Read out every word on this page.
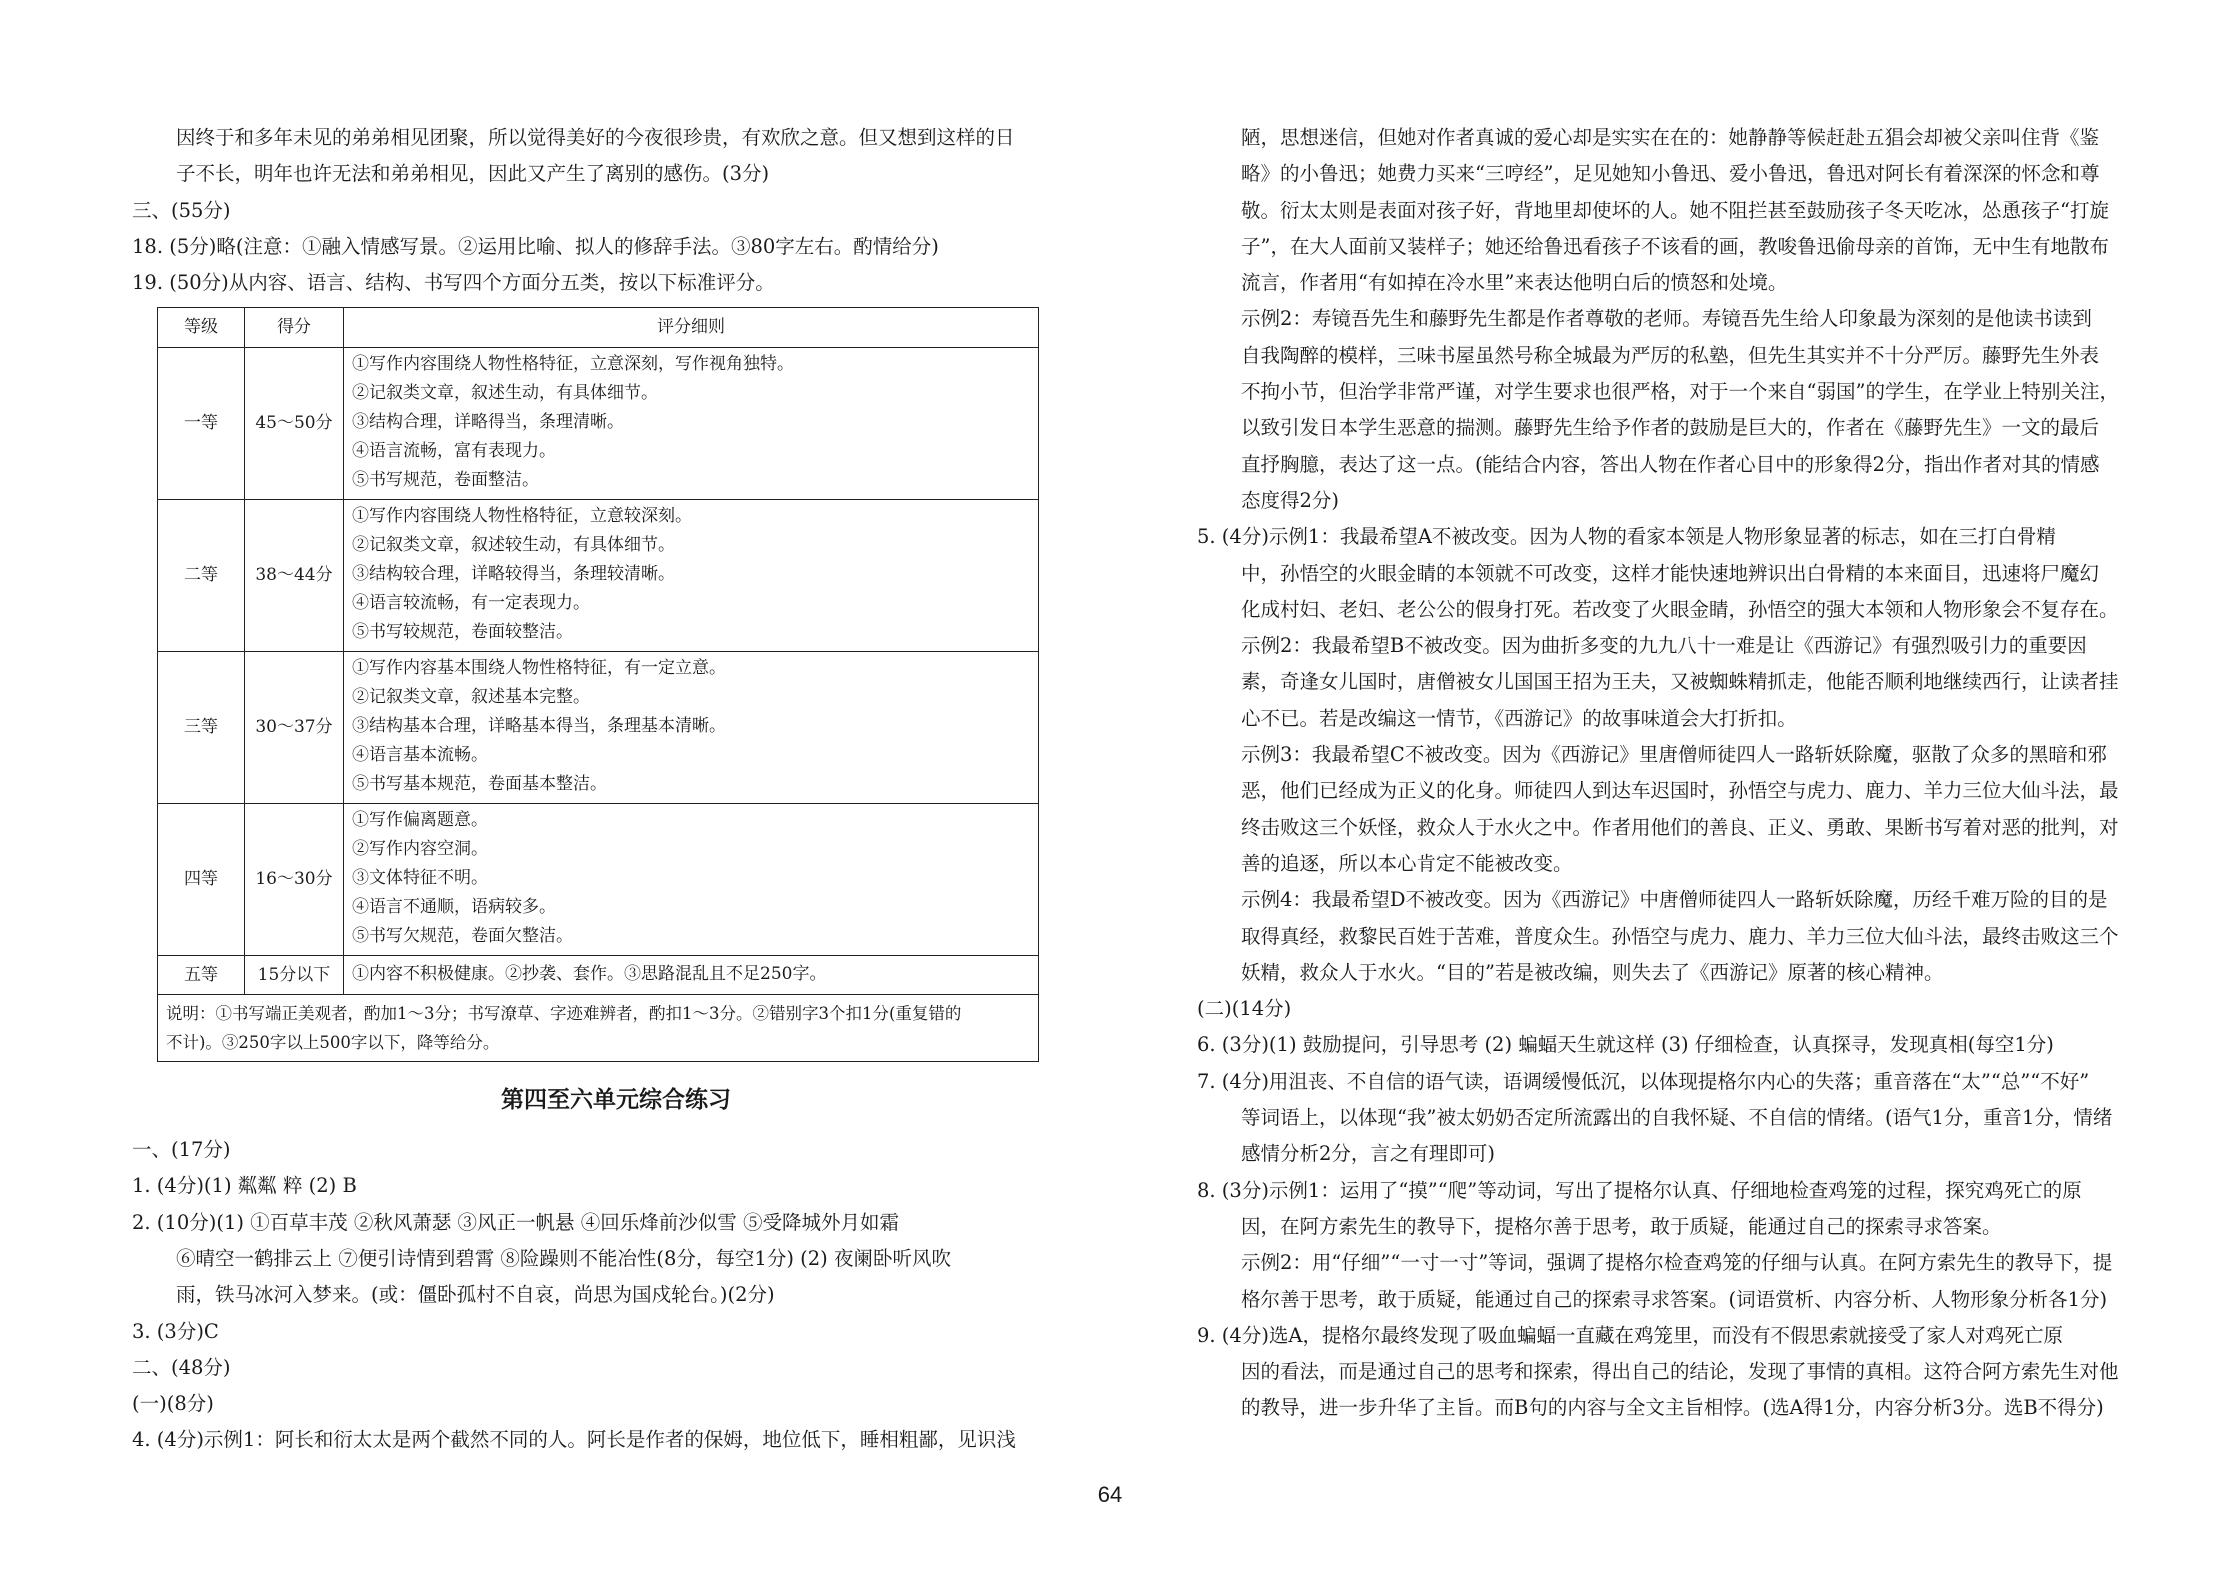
因终于和多年未见的弟弟相见团聚，所以觉得美好的今夜很珍贵，有欢欣之意。但又想到这样的日
子不长，明年也许无法和弟弟相见，因此又产生了离别的感伤。(3分)
三、(55分)
18. (5分)略(注意：①融入情感写景。②运用比喻、拟人的修辞手法。③80字左右。酌情给分)
19. (50分)从内容、语言、结构、书写四个方面分五类，按以下标准评分。
等级	得分	评分细则
一等	45～50分	①写作内容围绕人物性格特征，立意深刻，写作视角独特。
②记叙类文章，叙述生动，有具体细节。
③结构合理，详略得当，条理清晰。
④语言流畅，富有表现力。
⑤书写规范，卷面整洁。

二等	38～44分	①写作内容围绕人物性格特征，立意较深刻。
②记叙类文章，叙述较生动，有具体细节。
③结构较合理，详略较得当，条理较清晰。
④语言较流畅，有一定表现力。
⑤书写较规范，卷面较整洁。

三等	30～37分	①写作内容基本围绕人物性格特征，有一定立意。
②记叙类文章，叙述基本完整。
③结构基本合理，详略基本得当，条理基本清晰。
④语言基本流畅。
⑤书写基本规范，卷面基本整洁。

四等	16～30分	①写作偏离题意。
②写作内容空洞。
③文体特征不明。
④语言不通顺，语病较多。
⑤书写欠规范，卷面欠整洁。

五等	15分以下	①内容不积极健康。②抄袭、套作。③思路混乱且不足250字。

说明：①书写端正美观者，酌加1～3分；书写潦草、字迹难辨者，酌扣1～3分。②错别字3个扣1分(重复错的
不计)。③250字以上500字以下，降等给分。		
第四至六单元综合练习
一、(17分)
1. (4分)(1) 粼粼 粹 (2) B
2. (10分)(1) ①百草丰茂 ②秋风萧瑟 ③风正一帆悬 ④回乐烽前沙似雪 ⑤受降城外月如霜
⑥晴空一鹤排云上 ⑦便引诗情到碧霄 ⑧险躁则不能冶性(8分，每空1分) (2) 夜阑卧听风吹
雨，铁马冰河入梦来。(或：僵卧孤村不自哀，尚思为国戍轮台。)(2分)
3. (3分)C
二、(48分)
(一)(8分)
4. (4分)示例1：阿长和衍太太是两个截然不同的人。阿长是作者的保姆，地位低下，睡相粗鄙，见识浅
陋，思想迷信，但她对作者真诚的爱心却是实实在在的：她静静等候赶赴五猖会却被父亲叫住背《鉴
略》的小鲁迅；她费力买来“三哼经”，足见她知小鲁迅、爱小鲁迅，鲁迅对阿长有着深深的怀念和尊
敬。衍太太则是表面对孩子好，背地里却使坏的人。她不阻拦甚至鼓励孩子冬天吃冰，怂恿孩子“打旋
子”，在大人面前又装样子；她还给鲁迅看孩子不该看的画，教唆鲁迅偷母亲的首饰，无中生有地散布
流言，作者用“有如掉在冷水里”来表达他明白后的愤怒和处境。
示例2：寿镜吾先生和藤野先生都是作者尊敬的老师。寿镜吾先生给人印象最为深刻的是他读书读到
自我陶醉的模样，三味书屋虽然号称全城最为严厉的私塾，但先生其实并不十分严厉。藤野先生外表
不拘小节，但治学非常严谨，对学生要求也很严格，对于一个来自“弱国”的学生，在学业上特别关注，
以致引发日本学生恶意的揣测。藤野先生给予作者的鼓励是巨大的，作者在《藤野先生》一文的最后
直抒胸臆，表达了这一点。(能结合内容，答出人物在作者心目中的形象得2分，指出作者对其的情感
态度得2分)
5. (4分)示例1：我最希望A不被改变。因为人物的看家本领是人物形象显著的标志，如在三打白骨精
中，孙悟空的火眼金睛的本领就不可改变，这样才能快速地辨识出白骨精的本来面目，迅速将尸魔幻
化成村妇、老妇、老公公的假身打死。若改变了火眼金睛，孙悟空的强大本领和人物形象会不复存在。
示例2：我最希望B不被改变。因为曲折多变的九九八十一难是让《西游记》有强烈吸引力的重要因
素，奇逢女儿国时，唐僧被女儿国国王招为王夫，又被蜘蛛精抓走，他能否顺利地继续西行，让读者挂
心不已。若是改编这一情节，《西游记》的故事味道会大打折扣。
示例3：我最希望C不被改变。因为《西游记》里唐僧师徒四人一路斩妖除魔，驱散了众多的黑暗和邪
恶，他们已经成为正义的化身。师徒四人到达车迟国时，孙悟空与虎力、鹿力、羊力三位大仙斗法，最
终击败这三个妖怪，救众人于水火之中。作者用他们的善良、正义、勇敢、果断书写着对恶的批判，对
善的追逐，所以本心肯定不能被改变。
示例4：我最希望D不被改变。因为《西游记》中唐僧师徒四人一路斩妖除魔，历经千难万险的目的是
取得真经，救黎民百姓于苦难，普度众生。孙悟空与虎力、鹿力、羊力三位大仙斗法，最终击败这三个
妖精，救众人于水火。“目的”若是被改编，则失去了《西游记》原著的核心精神。
(二)(14分)
6. (3分)(1) 鼓励提问，引导思考 (2) 蝙蝠天生就这样 (3) 仔细检查，认真探寻，发现真相(每空1分)
7. (4分)用沮丧、不自信的语气读，语调缓慢低沉，以体现提格尔内心的失落；重音落在“太”“总”“不好”
等词语上，以体现“我”被太奶奶否定所流露出的自我怀疑、不自信的情绪。(语气1分，重音1分，情绪
感情分析2分，言之有理即可)
8. (3分)示例1：运用了“摸”“爬”等动词，写出了提格尔认真、仔细地检查鸡笼的过程，探究鸡死亡的原
因，在阿方索先生的教导下，提格尔善于思考，敢于质疑，能通过自己的探索寻求答案。
示例2：用“仔细”“一寸一寸”等词，强调了提格尔检查鸡笼的仔细与认真。在阿方索先生的教导下，提
格尔善于思考，敢于质疑，能通过自己的探索寻求答案。(词语赏析、内容分析、人物形象分析各1分)
9. (4分)选A，提格尔最终发现了吸血蝙蝠一直藏在鸡笼里，而没有不假思索就接受了家人对鸡死亡原
因的看法，而是通过自己的思考和探索，得出自己的结论，发现了事情的真相。这符合阿方索先生对他
的教导，进一步升华了主旨。而B句的内容与全文主旨相悖。(选A得1分，内容分析3分。选B不得分)
64
